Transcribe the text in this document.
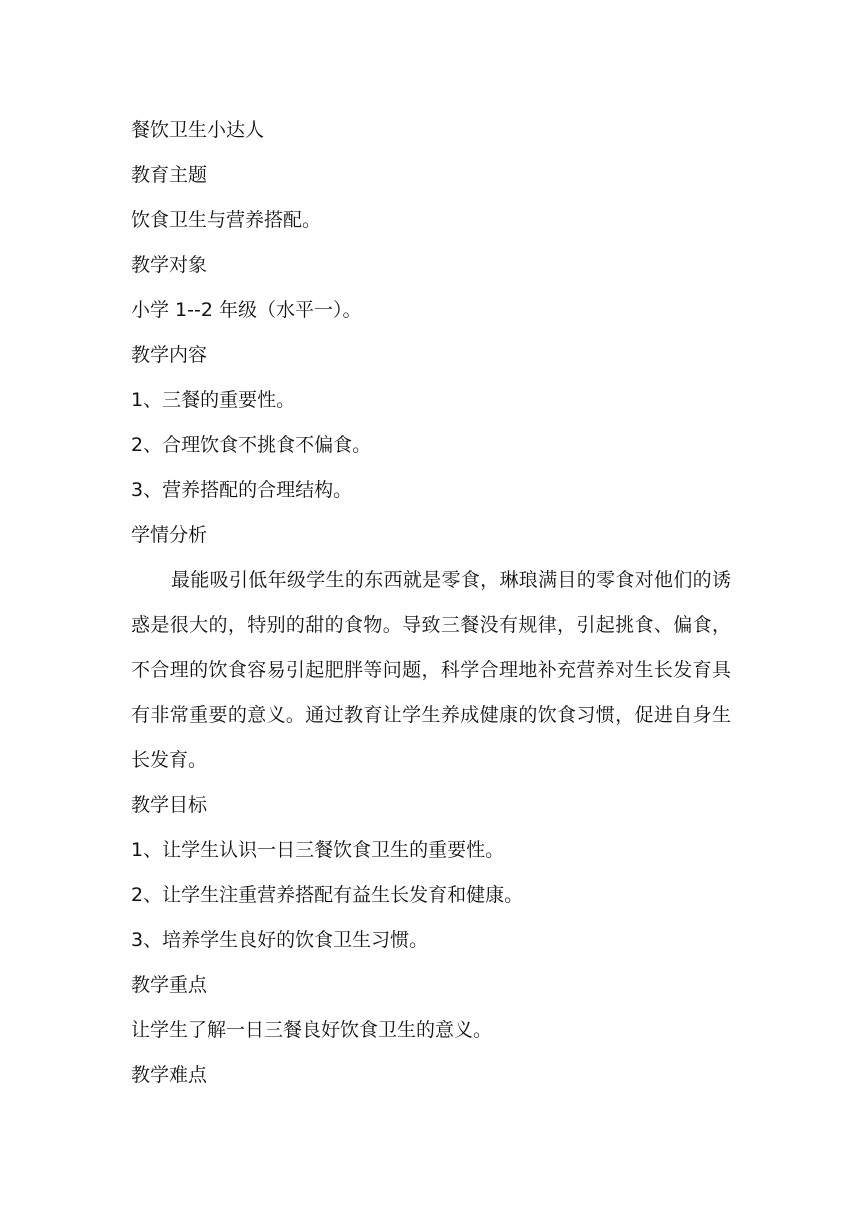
餐饮卫生小达人

教育主题

饮食卫生与营养搭配。

教学对象

小学 1--2 年级（水平一）。

教学内容

1、三餐的重要性。

2、合理饮食不挑食不偏食。

3、营养搭配的合理结构。

学情分析

最能吸引低年级学生的东西就是零食，琳琅满目的零食对他们的诱惑是很大的，特别的甜的食物。导致三餐没有规律，引起挑食、偏食，不合理的饮食容易引起肥胖等问题，科学合理地补充营养对生长发育具有非常重要的意义。通过教育让学生养成健康的饮食习惯，促进自身生长发育。

教学目标

1、让学生认识一日三餐饮食卫生的重要性。

2、让学生注重营养搭配有益生长发育和健康。

3、培养学生良好的饮食卫生习惯。

教学重点

让学生了解一日三餐良好饮食卫生的意义。

教学难点
